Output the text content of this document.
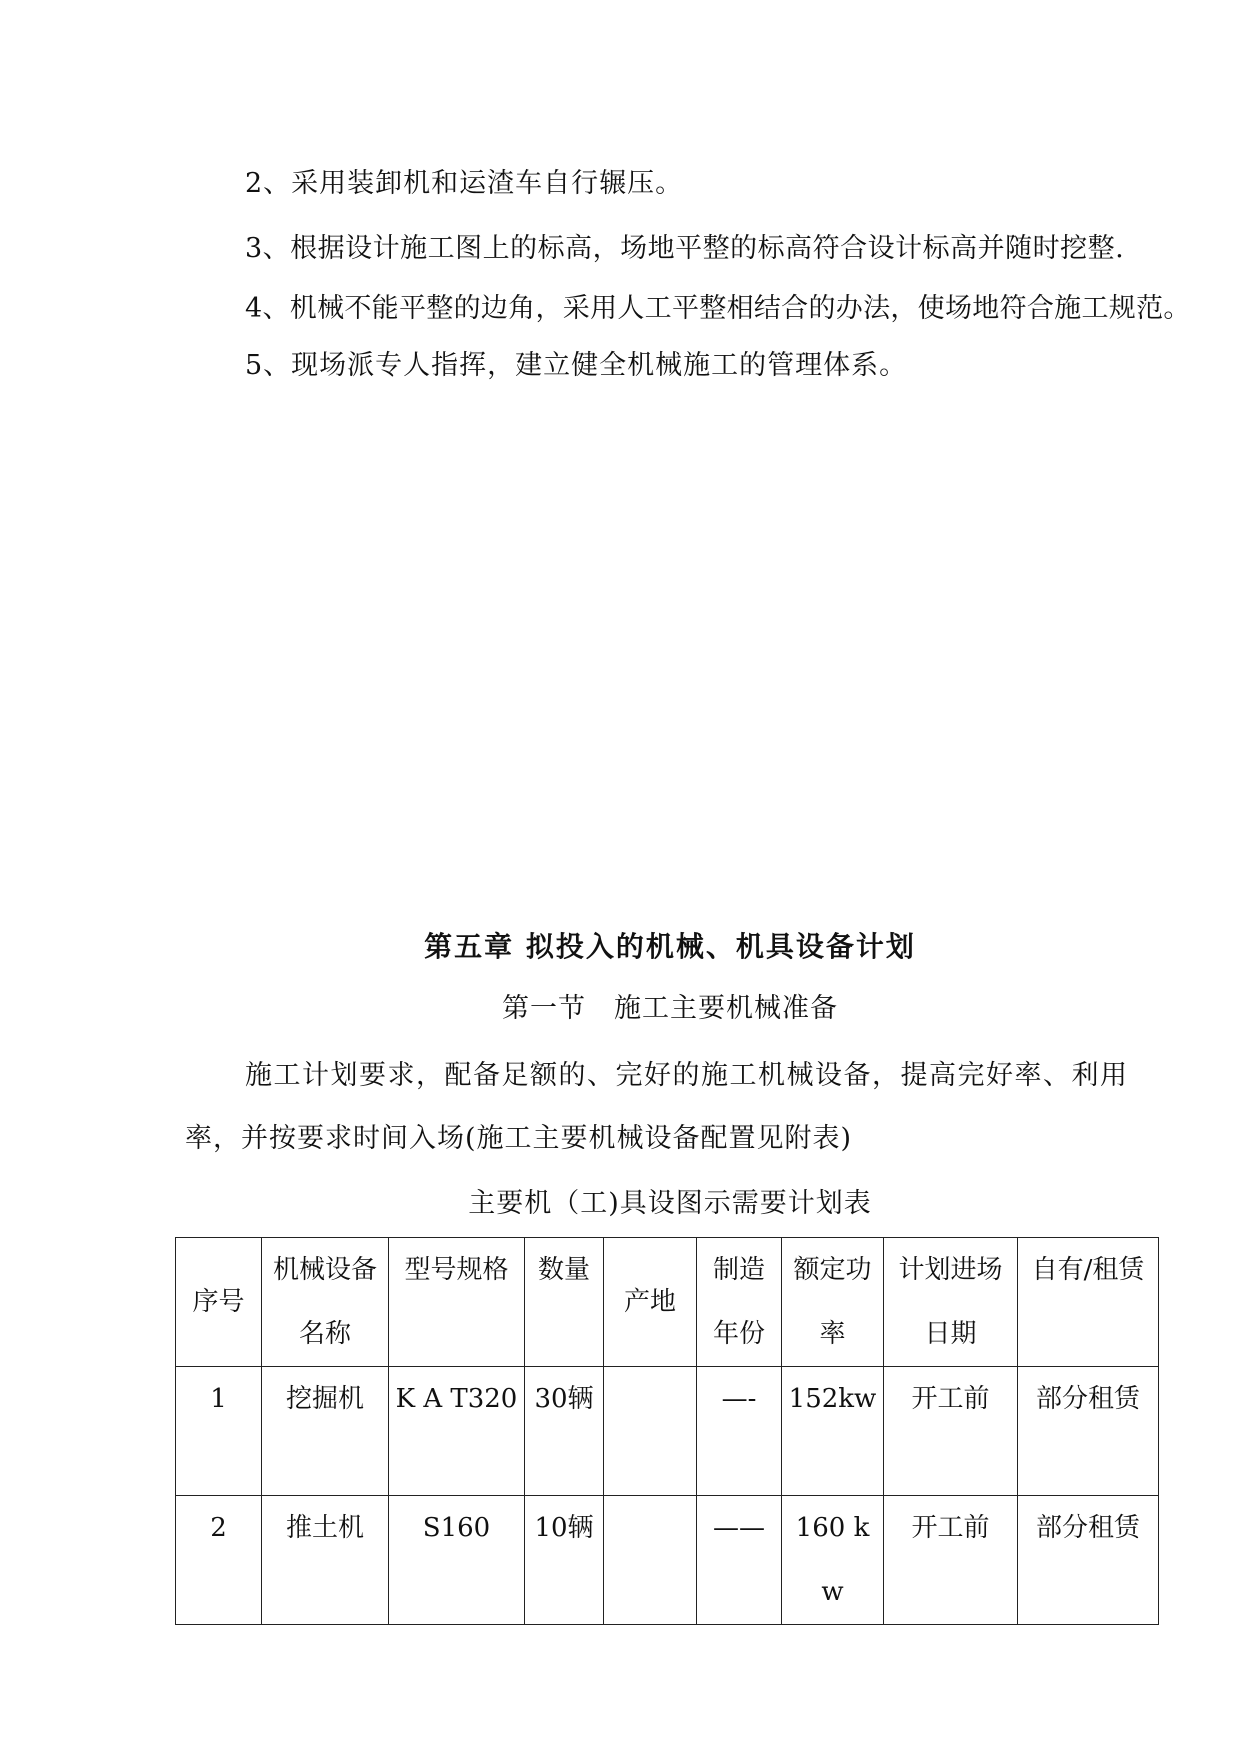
2、采用装卸机和运渣车自行辗压。
3、根据设计施工图上的标高，场地平整的标高符合设计标高并随时挖整.
4、机械不能平整的边角，采用人工平整相结合的办法，使场地符合施工规范。
5、现场派专人指挥，建立健全机械施工的管理体系。
第五章 拟投入的机械、机具设备计划
第一节　施工主要机械准备
施工计划要求，配备足额的、完好的施工机械设备，提高完好率、利用
率，并按要求时间入场(施工主要机械设备配置见附表)
主要机（工)具设图示需要计划表
序号	机械设备名称	型号规格	数量	产地	制造年份	额定功率	计划进场日期	自有/租赁
1	挖掘机	K A T320	30辆		—-	152kw	开工前	部分租赁
2	推土机	S160	10辆		——	160 kw	开工前	部分租赁
